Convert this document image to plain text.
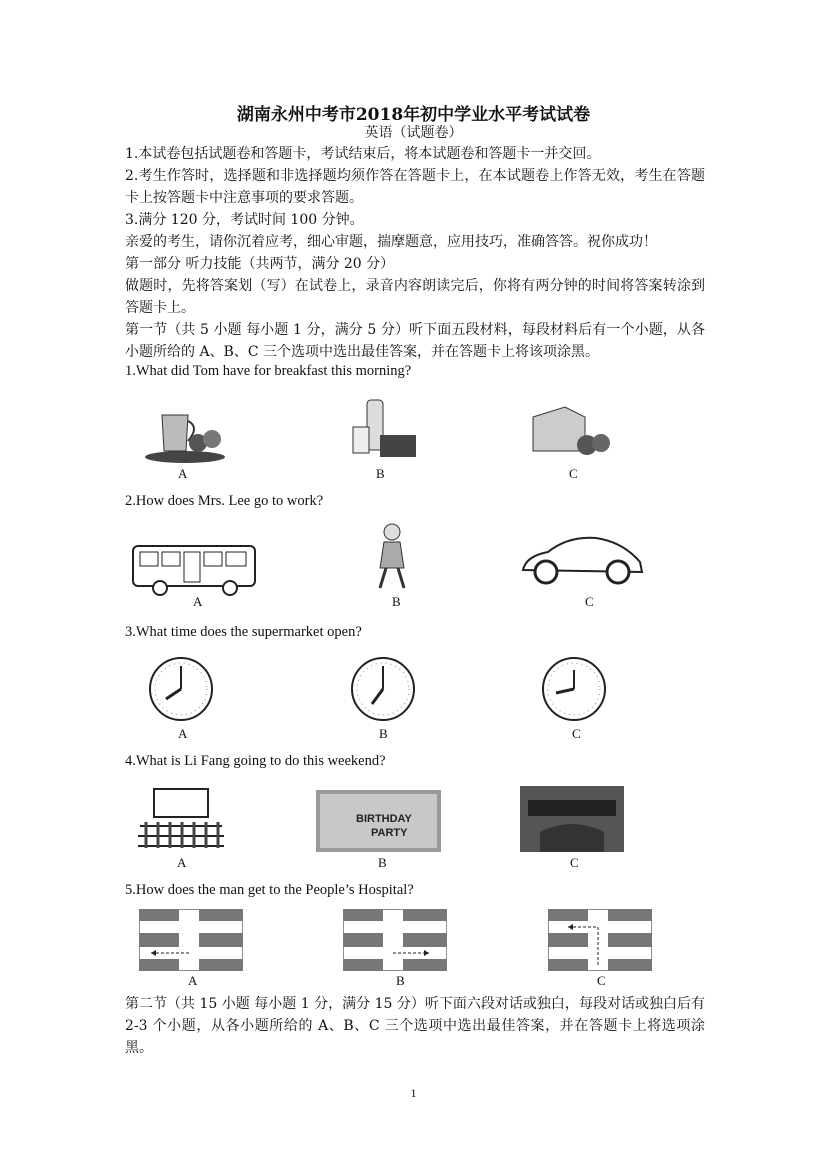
湖南永州中考市2018年初中学业水平考试试卷
英语（试题卷）
1.本试卷包括试题卷和答题卡，考试结束后，将本试题卷和答题卡一并交回。
2.考生作答时，选择题和非选择题均须作答在答题卡上，在本试题卷上作答无效，考生在答题卡上按答题卡中注意事项的要求答题。
3.满分 120 分，考试时间 100 分钟。
亲爱的考生，请你沉着应考，细心审题，揣摩题意，应用技巧，准确答答。祝你成功！
第一部分 听力技能（共两节，满分 20 分）
做题时，先将答案划（写）在试卷上，录音内容朗读完后，你将有两分钟的时间将答案转涂到答题卡上。
第一节（共 5 小题 每小题 1 分，满分 5 分）听下面五段材料，每段材料后有一个小题，从各小题所给的 A、B、C 三个选项中选出最佳答案，并在答题卡上将该项涂黑。
1.What did Tom have for breakfast this morning?
A	B	C
2.How does Mrs. Lee go to work?
A	B	C
3.What time does the supermarket open?
A	B	C
4.What is Li Fang going to do this weekend?
BIRTHDAY
PARTY
A	B	C
5.How does the man get to the People’s Hospital?
A	B	C
第二节（共 15 小题 每小题 1 分，满分 15 分）听下面六段对话或独白，每段对话或独白后有 2-3 个小题，从各小题所给的 A、B、C 三个选项中选出最佳答案，并在答题卡上将选项涂黑。
1
